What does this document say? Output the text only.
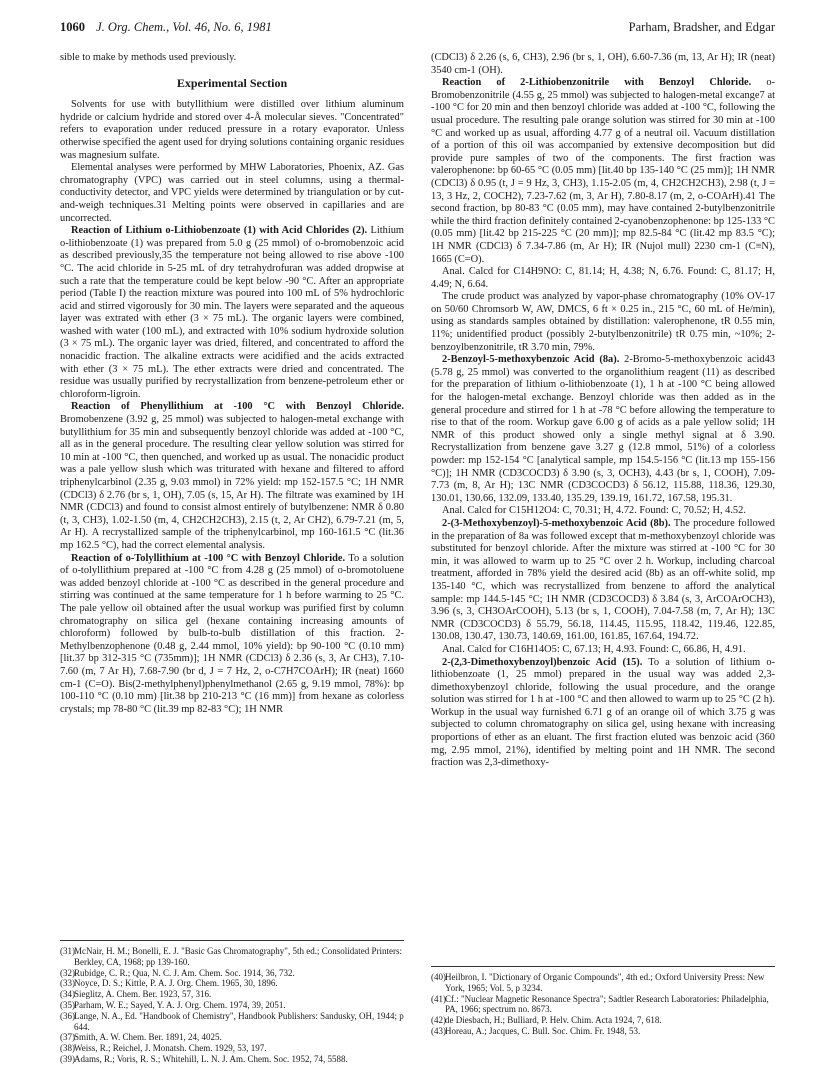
1060 J. Org. Chem., Vol. 46, No. 6, 1981	Parham, Bradsher, and Edgar

sible to make by methods used previously.

Experimental Section

Solvents for use with butyllithium were distilled over lithium aluminum hydride or calcium hydride and stored over 4-Å molecular sieves. "Concentrated" refers to evaporation under reduced pressure in a rotary evaporator. Unless otherwise specified the agent used for drying solutions containing organic residues was magnesium sulfate.

Elemental analyses were performed by MHW Laboratories, Phoenix, AZ. Gas chromatography (VPC) was carried out in steel columns, using a thermal-conductivity detector, and VPC yields were determined by triangulation or by cut-and-weigh techniques.31 Melting points were observed in capillaries and are uncorrected.

Reaction of Lithium o-Lithiobenzoate (1) with Acid Chlorides (2). Lithium o-lithiobenzoate (1) was prepared from 5.0 g (25 mmol) of o-bromobenzoic acid as described previously,35 the temperature not being allowed to rise above -100 °C. The acid chloride in 5-25 mL of dry tetrahydrofuran was added dropwise at such a rate that the temperature could be kept below -90 °C. After an appropriate period (Table I) the reaction mixture was poured into 100 mL of 5% hydrochloric acid and stirred vigorously for 30 min. The layers were separated and the aqueous layer was extrated with ether (3 × 75 mL). The organic layers were combined, washed with water (100 mL), and extracted with 10% sodium hydroxide solution (3 × 75 mL). The organic layer was dried, filtered, and concentrated to afford the nonacidic fraction. The alkaline extracts were acidified and the acids extracted with ether (3 × 75 mL). The ether extracts were dried and concentrated. The residue was usually purified by recrystallization from benzene-petroleum ether or chloroform-ligroin.

Reaction of Phenyllithium at -100 °C with Benzoyl Chloride. Bromobenzene (3.92 g, 25 mmol) was subjected to halogen-metal exchange with butyllithium for 35 min and subsequently benzoyl chloride was added at -100 °C, all as in the general procedure. The resulting clear yellow solution was stirred for 10 min at -100 °C, then quenched, and worked up as usual. The nonacidic product was a pale yellow slush which was triturated with hexane and filtered to afford triphenylcarbinol (2.35 g, 9.03 mmol) in 72% yield: mp 152-157.5 °C; 1H NMR (CDCl3) δ 2.76 (br s, 1, OH), 7.05 (s, 15, Ar H). The filtrate was examined by 1H NMR (CDCl3) and found to consist almost entirely of butylbenzene: NMR δ 0.80 (t, 3, CH3), 1.02-1.50 (m, 4, CH2CH2CH3), 2.15 (t, 2, Ar CH2), 6.79-7.21 (m, 5, Ar H). A recrystallized sample of the triphenylcarbinol, mp 160-161.5 °C (lit.36 mp 162.5 °C), had the correct elemental analysis.

Reaction of o-Tolyllithium at -100 °C with Benzoyl Chloride. To a solution of o-tolyllithium prepared at -100 °C from 4.28 g (25 mmol) of o-bromotoluene was added benzoyl chloride at -100 °C as described in the general procedure and stirring was continued at the same temperature for 1 h before warming to 25 °C. The pale yellow oil obtained after the usual workup was purified first by column chromatography on silica gel (hexane containing increasing amounts of chloroform) followed by bulb-to-bulb distillation of this fraction. 2-Methylbenzophenone (0.48 g, 2.44 mmol, 10% yield): bp 90-100 °C (0.10 mm) [lit.37 bp 312-315 °C (735mm)]; 1H NMR (CDCl3) δ 2.36 (s, 3, Ar CH3), 7.10-7.60 (m, 7 Ar H), 7.68-7.90 (br d, J = 7 Hz, 2, o-C7H7COArH); IR (neat) 1660 cm-1 (C=O). Bis(2-methylphenyl)phenylmethanol (2.65 g, 9.19 mmol, 78%): bp 100-110 °C (0.10 mm) [lit.38 bp 210-213 °C (16 mm)] from hexane as colorless crystals; mp 78-80 °C (lit.39 mp 82-83 °C); 1H NMR

(CDCl3) δ 2.26 (s, 6, CH3), 2.96 (br s, 1, OH), 6.60-7.36 (m, 13, Ar H); IR (neat) 3540 cm-1 (OH).

Reaction of 2-Lithiobenzonitrile with Benzoyl Chloride. o-Bromobenzonitrile (4.55 g, 25 mmol) was subjected to halogen-metal excange7 at -100 °C for 20 min and then benzoyl chloride was added at -100 °C, following the usual procedure. The resulting pale orange solution was stirred for 30 min at -100 °C and worked up as usual, affording 4.77 g of a neutral oil. Vacuum distillation of a portion of this oil was accompanied by extensive decomposition but did provide pure samples of two of the components. The first fraction was valerophenone: bp 60-65 °C (0.05 mm) [lit.40 bp 135-140 °C (25 mm)]; 1H NMR (CDCl3) δ 0.95 (t, J = 9 Hz, 3, CH3), 1.15-2.05 (m, 4, CH2CH2CH3), 2.98 (t, J = 13, 3 Hz, 2, COCH2), 7.23-7.62 (m, 3, Ar H), 7.80-8.17 (m, 2, o-COArH).41 The second fraction, bp 80-83 °C (0.05 mm), may have contained 2-butylbenzonitrile while the third fraction definitely contained 2-cyanobenzophenone: bp 125-133 °C (0.05 mm) [lit.42 bp 215-225 °C (20 mm)]; mp 82.5-84 °C (lit.42 mp 83.5 °C); 1H NMR (CDCl3) δ 7.34-7.86 (m, Ar H); IR (Nujol mull) 2230 cm-1 (C≡N), 1665 (C=O).

Anal. Calcd for C14H9NO: C, 81.14; H, 4.38; N, 6.76. Found: C, 81.17; H, 4.49; N, 6.64.

The crude product was analyzed by vapor-phase chromatography (10% OV-17 on 50/60 Chromsorb W, AW, DMCS, 6 ft × 0.25 in., 215 °C, 60 mL of He/min), using as standards samples obtained by distillation: valerophenone, tR 0.55 min, 11%; unidentified product (possibly 2-butylbenzonitrile) tR 0.75 min, ~10%; 2-benzoylbenzonitrile, tR 3.70 min, 79%.

2-Benzoyl-5-methoxybenzoic Acid (8a). 2-Bromo-5-methoxybenzoic acid43 (5.78 g, 25 mmol) was converted to the organolithium reagent (11) as described for the preparation of lithium o-lithiobenzoate (1), 1 h at -100 °C being allowed for the halogen-metal exchange. Benzoyl chloride was then added as in the general procedure and stirred for 1 h at -78 °C before allowing the temperature to rise to that of the room. Workup gave 6.00 g of acids as a pale yellow solid; 1H NMR of this product showed only a single methyl signal at δ 3.90. Recrystallization from benzene gave 3.27 g (12.8 mmol, 51%) of a colorless powder: mp 152-154 °C [analytical sample, mp 154.5-156 °C (lit.13 mp 155-156 °C)]; 1H NMR (CD3COCD3) δ 3.90 (s, 3, OCH3), 4.43 (br s, 1, COOH), 7.09-7.73 (m, 8, Ar H); 13C NMR (CD3COCD3) δ 56.12, 115.88, 118.36, 129.30, 130.01, 130.66, 132.09, 133.40, 135.29, 139.19, 161.72, 167.58, 195.31.

Anal. Calcd for C15H12O4: C, 70.31; H, 4.72. Found: C, 70.52; H, 4.52.

2-(3-Methoxybenzoyl)-5-methoxybenzoic Acid (8b). The procedure followed in the preparation of 8a was followed except that m-methoxybenzoyl chloride was substituted for benzoyl chloride. After the mixture was stirred at -100 °C for 30 min, it was allowed to warm up to 25 °C over 2 h. Workup, including charcoal treatment, afforded in 78% yield the desired acid (8b) as an off-white solid, mp 135-140 °C, which was recrystallized from benzene to afford the analytical sample: mp 144.5-145 °C; 1H NMR (CD3COCD3) δ 3.84 (s, 3, ArCOArOCH3), 3.96 (s, 3, CH3OArCOOH), 5.13 (br s, 1, COOH), 7.04-7.58 (m, 7, Ar H); 13C NMR (CD3COCD3) δ 55.79, 56.18, 114.45, 115.95, 118.42, 119.46, 122.85, 130.08, 130.47, 130.73, 140.69, 161.00, 161.85, 167.64, 194.72.

Anal. Calcd for C16H14O5: C, 67.13; H, 4.93. Found: C, 66.86, H, 4.91.

2-(2,3-Dimethoxybenzoyl)benzoic Acid (15). To a solution of lithium o-lithiobenzoate (1, 25 mmol) prepared in the usual way was added 2,3-dimethoxybenzoyl chloride, following the usual procedure, and the orange solution was stirred for 1 h at -100 °C and then allowed to warm up to 25 °C (2 h). Workup in the usual way furnished 6.71 g of an orange oil of which 3.75 g was subjected to column chromatography on silica gel, using hexane with increasing proportions of ether as an eluant. The first fraction eluted was benzoic acid (360 mg, 2.95 mmol, 21%), identified by melting point and 1H NMR. The second fraction was 2,3-dimethoxy-

(31) McNair, H. M.; Bonelli, E. J. "Basic Gas Chromatography", 5th ed.; Consolidated Printers: Berkley, CA, 1968; pp 139-160.
(32) Rubidge, C. R.; Qua, N. C. J. Am. Chem. Soc. 1914, 36, 732.
(33) Noyce, D. S.; Kittle, P. A. J. Org. Chem. 1965, 30, 1896.
(34) Sieglitz, A. Chem. Ber. 1923, 57, 316.
(35) Parham, W. E.; Sayed, Y. A. J. Org. Chem. 1974, 39, 2051.
(36) Lange, N. A., Ed. "Handbook of Chemistry", Handbook Publishers: Sandusky, OH, 1944; p 644.
(37) Smith, A. W. Chem. Ber. 1891, 24, 4025.
(38) Weiss, R.; Reichel, J. Monatsh. Chem. 1929, 53, 197.
(39) Adams, R.; Voris, R. S.; Whitehill, L. N. J. Am. Chem. Soc. 1952, 74, 5588.
(40) Heilbron, I. "Dictionary of Organic Compounds", 4th ed.; Oxford University Press: New York, 1965; Vol. 5, p 3234.
(41) Cf.: "Nuclear Magnetic Resonance Spectra"; Sadtler Research Laboratories: Philadelphia, PA, 1966; spectrum no. 8673.
(42) de Diesbach, H.; Bulliard, P. Helv. Chim. Acta 1924, 7, 618.
(43) Horeau, A.; Jacques, C. Bull. Soc. Chim. Fr. 1948, 53.
